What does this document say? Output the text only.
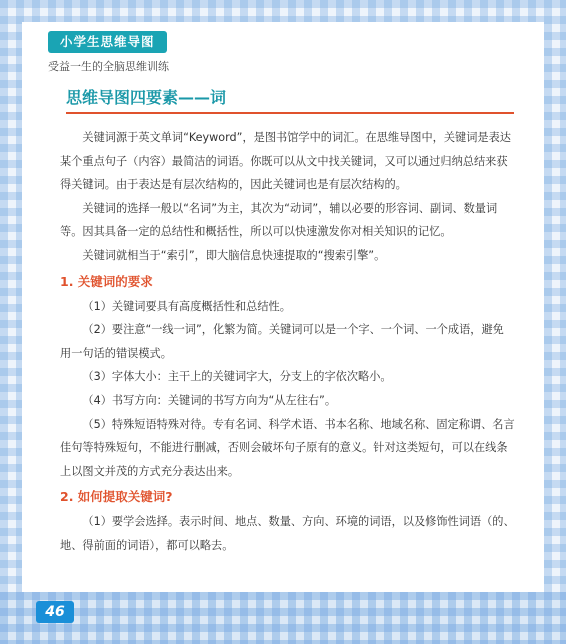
小学生思维导图
受益一生的全脑思维训练
思维导图四要素——词

关键词源于英文单词“Keyword”，是图书馆学中的词汇。在思维导图中，关键词是表达某个重点句子（内容）最简洁的词语。你既可以从文中找关键词，又可以通过归纳总结来获得关键词。由于表达是有层次结构的，因此关键词也是有层次结构的。

关键词的选择一般以“名词”为主，其次为“动词”，辅以必要的形容词、副词、数量词等。因其具备一定的总结性和概括性，所以可以快速激发你对相关知识的记忆。

关键词就相当于“索引”，即大脑信息快速提取的“搜索引擎”。

1. 关键词的要求

（1）关键词要具有高度概括性和总结性。

（2）要注意“一线一词”，化繁为简。关键词可以是一个字、一个词、一个成语，避免用一句话的错误模式。

（3）字体大小：主干上的关键词字大，分支上的字依次略小。

（4）书写方向：关键词的书写方向为“从左往右”。

（5）特殊短语特殊对待。专有名词、科学术语、书本名称、地域名称、固定称谓、名言佳句等特殊短句，不能进行删减，否则会破坏句子原有的意义。针对这类短句，可以在线条上以图文并茂的方式充分表达出来。

2. 如何提取关键词?

（1）要学会选择。表示时间、地点、数量、方向、环境的词语，以及修饰性词语（的、地、得前面的词语），都可以略去。

46
